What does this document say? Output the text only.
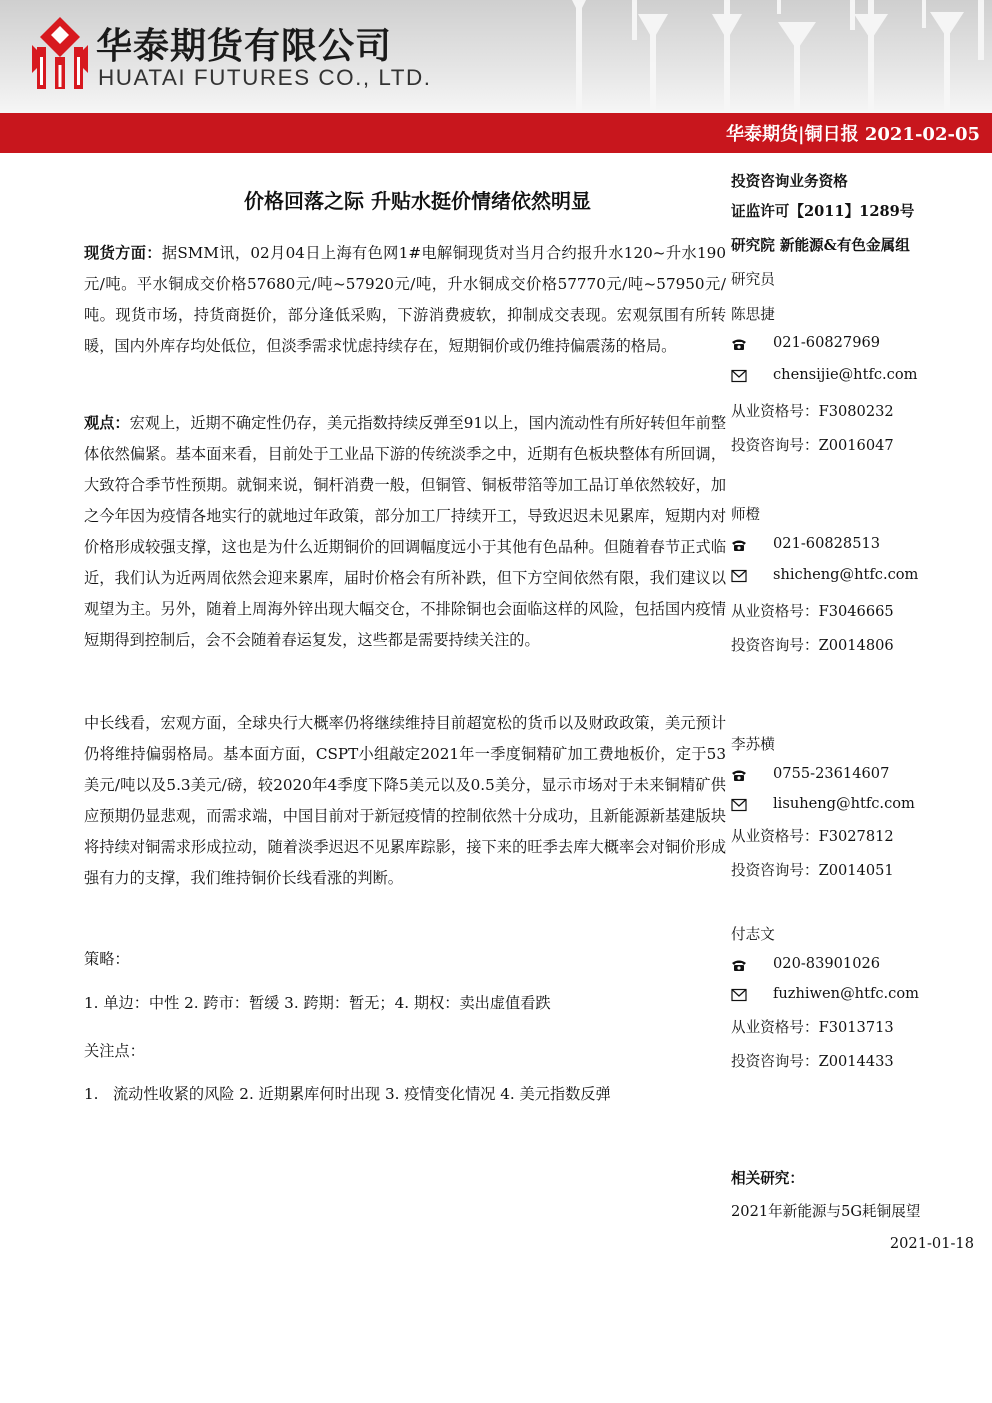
华泰期货有限公司
HUATAI FUTURES CO., LTD.
华泰期货|铜日报 2021-02-05
价格回落之际 升贴水挺价情绪依然明显
现货方面：据SMM讯，02月04日上海有色网1#电解铜现货对当月合约报升水120~升水190元/吨。平水铜成交价格57680元/吨~57920元/吨，升水铜成交价格57770元/吨~57950元/吨。现货市场，持货商挺价，部分逢低采购，下游消费疲软，抑制成交表现。宏观氛围有所转暖，国内外库存均处低位，但淡季需求忧虑持续存在，短期铜价或仍维持偏震荡的格局。
观点：宏观上，近期不确定性仍存，美元指数持续反弹至91以上，国内流动性有所好转但年前整体依然偏紧。基本面来看，目前处于工业品下游的传统淡季之中，近期有色板块整体有所回调，大致符合季节性预期。就铜来说，铜杆消费一般，但铜管、铜板带箔等加工品订单依然较好，加之今年因为疫情各地实行的就地过年政策，部分加工厂持续开工，导致迟迟未见累库，短期内对价格形成较强支撑，这也是为什么近期铜价的回调幅度远小于其他有色品种。但随着春节正式临近，我们认为近两周依然会迎来累库，届时价格会有所补跌，但下方空间依然有限，我们建议以观望为主。另外，随着上周海外锌出现大幅交仓，不排除铜也会面临这样的风险，包括国内疫情短期得到控制后，会不会随着春运复发，这些都是需要持续关注的。
中长线看，宏观方面，全球央行大概率仍将继续维持目前超宽松的货币以及财政政策，美元预计仍将维持偏弱格局。基本面方面，CSPT小组敲定2021年一季度铜精矿加工费地板价，定于53美元/吨以及5.3美元/磅，较2020年4季度下降5美元以及0.5美分，显示市场对于未来铜精矿供应预期仍显悲观，而需求端，中国目前对于新冠疫情的控制依然十分成功，且新能源新基建版块将持续对铜需求形成拉动，随着淡季迟迟不见累库踪影，接下来的旺季去库大概率会对铜价形成强有力的支撑，我们维持铜价长线看涨的判断。
策略：
1. 单边：中性 2. 跨市：暂缓 3. 跨期：暂无；4. 期权：卖出虚值看跌
关注点：
1.   流动性收紧的风险 2. 近期累库何时出现 3. 疫情变化情况 4. 美元指数反弹
投资咨询业务资格
证监许可【2011】1289号
研究院 新能源&有色金属组
研究员
陈思捷
021-60827969
chensijie@htfc.com
从业资格号：F3080232
投资咨询号：Z0016047
师橙
021-60828513
shicheng@htfc.com
从业资格号：F3046665
投资咨询号：Z0014806
李苏横
0755-23614607
lisuheng@htfc.com
从业资格号：F3027812
投资咨询号：Z0014051
付志文
020-83901026
fuzhiwen@htfc.com
从业资格号：F3013713
投资咨询号：Z0014433
相关研究：
2021年新能源与5G耗铜展望
2021-01-18
